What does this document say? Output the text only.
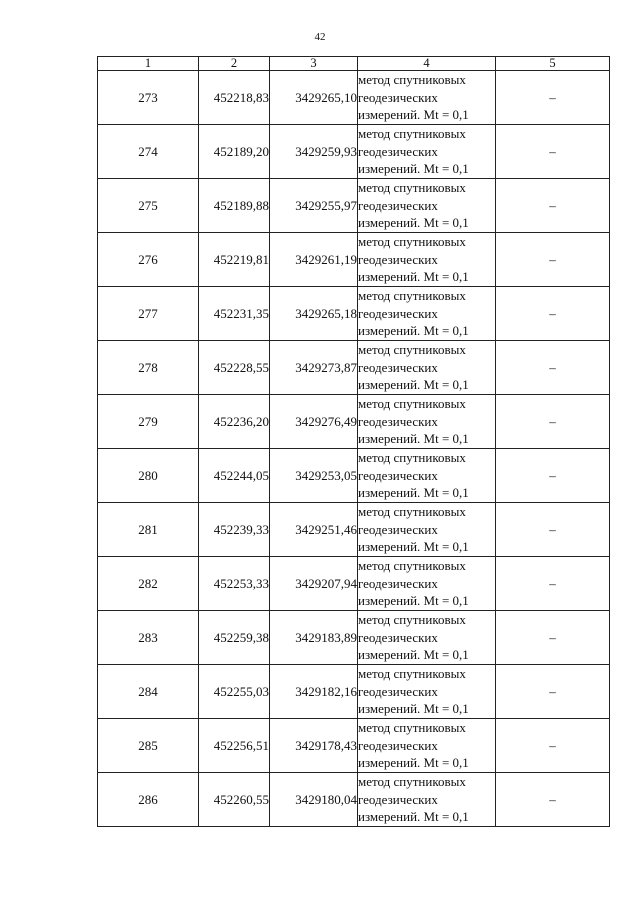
42
1	2	3	4	5
273	452218,83	3429265,10	метод спутниковых
геодезических
измерений. Mt = 0,1	–
274	452189,20	3429259,93	метод спутниковых
геодезических
измерений. Mt = 0,1	–
275	452189,88	3429255,97	метод спутниковых
геодезических
измерений. Mt = 0,1	–
276	452219,81	3429261,19	метод спутниковых
геодезических
измерений. Mt = 0,1	–
277	452231,35	3429265,18	метод спутниковых
геодезических
измерений. Mt = 0,1	–
278	452228,55	3429273,87	метод спутниковых
геодезических
измерений. Mt = 0,1	–
279	452236,20	3429276,49	метод спутниковых
геодезических
измерений. Mt = 0,1	–
280	452244,05	3429253,05	метод спутниковых
геодезических
измерений. Mt = 0,1	–
281	452239,33	3429251,46	метод спутниковых
геодезических
измерений. Mt = 0,1	–
282	452253,33	3429207,94	метод спутниковых
геодезических
измерений. Mt = 0,1	–
283	452259,38	3429183,89	метод спутниковых
геодезических
измерений. Mt = 0,1	–
284	452255,03	3429182,16	метод спутниковых
геодезических
измерений. Mt = 0,1	–
285	452256,51	3429178,43	метод спутниковых
геодезических
измерений. Mt = 0,1	–
286	452260,55	3429180,04	метод спутниковых
геодезических
измерений. Mt = 0,1	–
